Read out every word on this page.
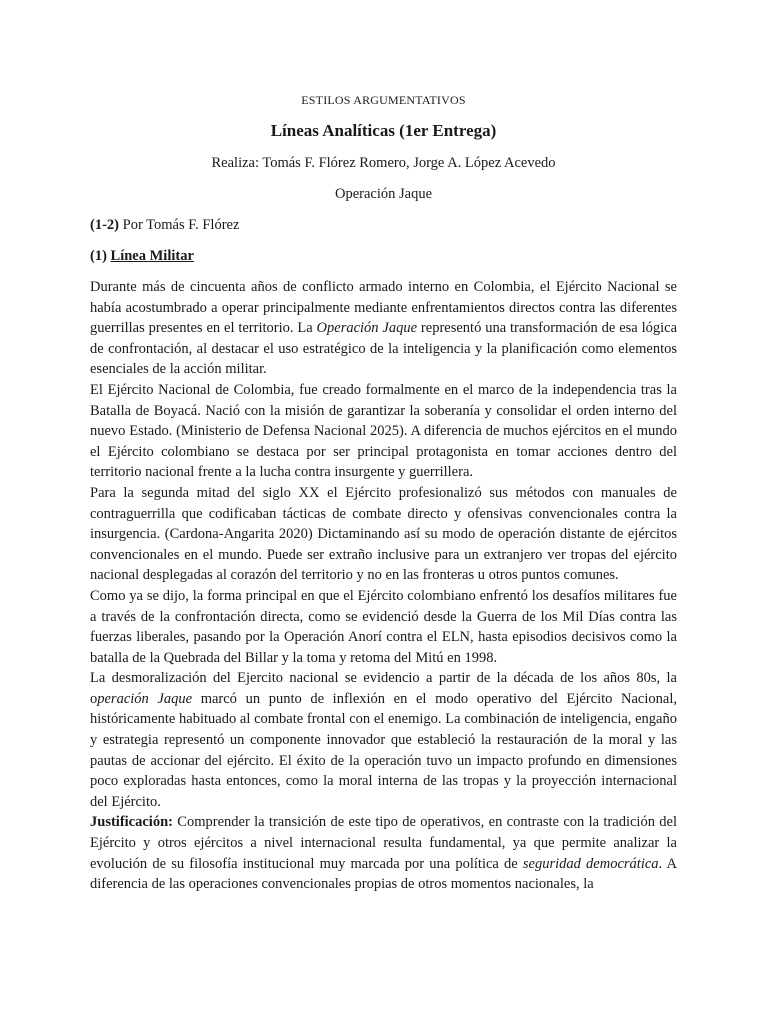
ESTILOS ARGUMENTATIVOS
Líneas Analíticas (1er Entrega)
Realiza: Tomás F. Flórez Romero, Jorge A. López Acevedo
Operación Jaque
(1-2) Por Tomás F. Flórez
(1) Línea Militar

Durante más de cincuenta años de conflicto armado interno en Colombia, el Ejército Nacional se había acostumbrado a operar principalmente mediante enfrentamientos directos contra las diferentes guerrillas presentes en el territorio. La Operación Jaque representó una transformación de esa lógica de confrontación, al destacar el uso estratégico de la inteligencia y la planificación como elementos esenciales de la acción militar.

El Ejército Nacional de Colombia, fue creado formalmente en el marco de la independencia tras la Batalla de Boyacá. Nació con la misión de garantizar la soberanía y consolidar el orden interno del nuevo Estado. (Ministerio de Defensa Nacional 2025). A diferencia de muchos ejércitos en el mundo el Ejército colombiano se destaca por ser principal protagonista en tomar acciones dentro del territorio nacional frente a la lucha contra insurgente y guerrillera.

Para la segunda mitad del siglo XX el Ejército profesionalizó sus métodos con manuales de contraguerrilla que codificaban tácticas de combate directo y ofensivas convencionales contra la insurgencia. (Cardona-Angarita 2020) Dictaminando así su modo de operación distante de ejércitos convencionales en el mundo. Puede ser extraño inclusive para un extranjero ver tropas del ejército nacional desplegadas al corazón del territorio y no en las fronteras u otros puntos comunes.

Como ya se dijo, la forma principal en que el Ejército colombiano enfrentó los desafíos militares fue a través de la confrontación directa, como se evidenció desde la Guerra de los Mil Días contra las fuerzas liberales, pasando por la Operación Anorí contra el ELN, hasta episodios decisivos como la batalla de la Quebrada del Billar y la toma y retoma del Mitú en 1998.

La desmoralización del Ejercito nacional se evidencio a partir de la década de los años 80s, la operación Jaque marcó un punto de inflexión en el modo operativo del Ejército Nacional, históricamente habituado al combate frontal con el enemigo. La combinación de inteligencia, engaño y estrategia representó un componente innovador que estableció la restauración de la moral y las pautas de accionar del ejército. El éxito de la operación tuvo un impacto profundo en dimensiones poco exploradas hasta entonces, como la moral interna de las tropas y la proyección internacional del Ejército.

Justificación: Comprender la transición de este tipo de operativos, en contraste con la tradición del Ejército y otros ejércitos a nivel internacional resulta fundamental, ya que permite analizar la evolución de su filosofía institucional muy marcada por una política de seguridad democrática. A diferencia de las operaciones convencionales propias de otros momentos nacionales, la
